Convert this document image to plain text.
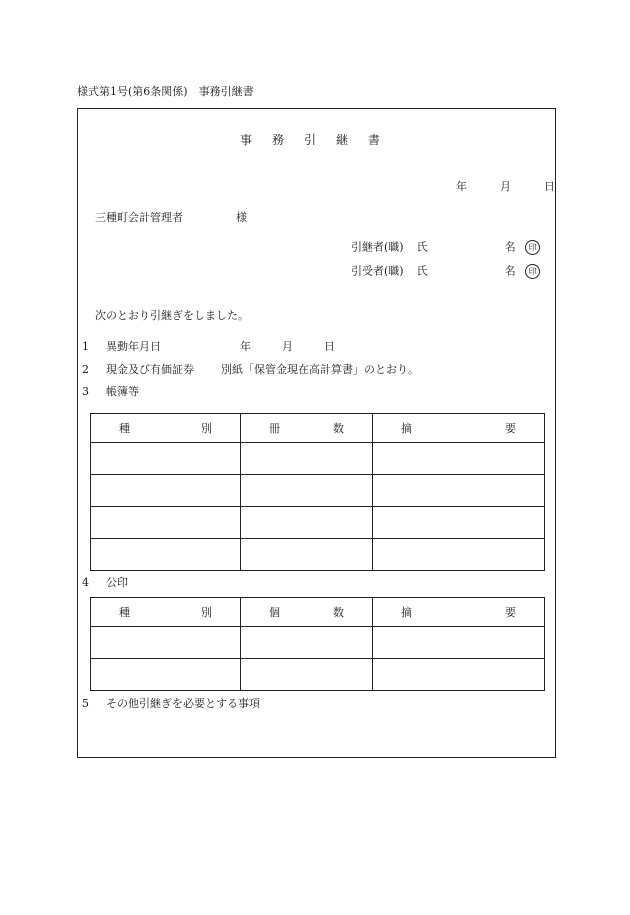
様式第1号(第6条関係)　事務引継書
事務引継書
年	月	日
三種町会計管理者	様
引継者(職) 氏	名 印
引受者(職) 氏	名 印
次のとおり引継ぎをしました。
1 異動年月日	年	月	日
2 現金及び有価証券 別紙「保管金現在高計算書」のとおり。
3 帳簿等
種 別	冊 数	摘 要

4 公印
種 別	個 数	摘 要

5 その他引継ぎを必要とする事項
